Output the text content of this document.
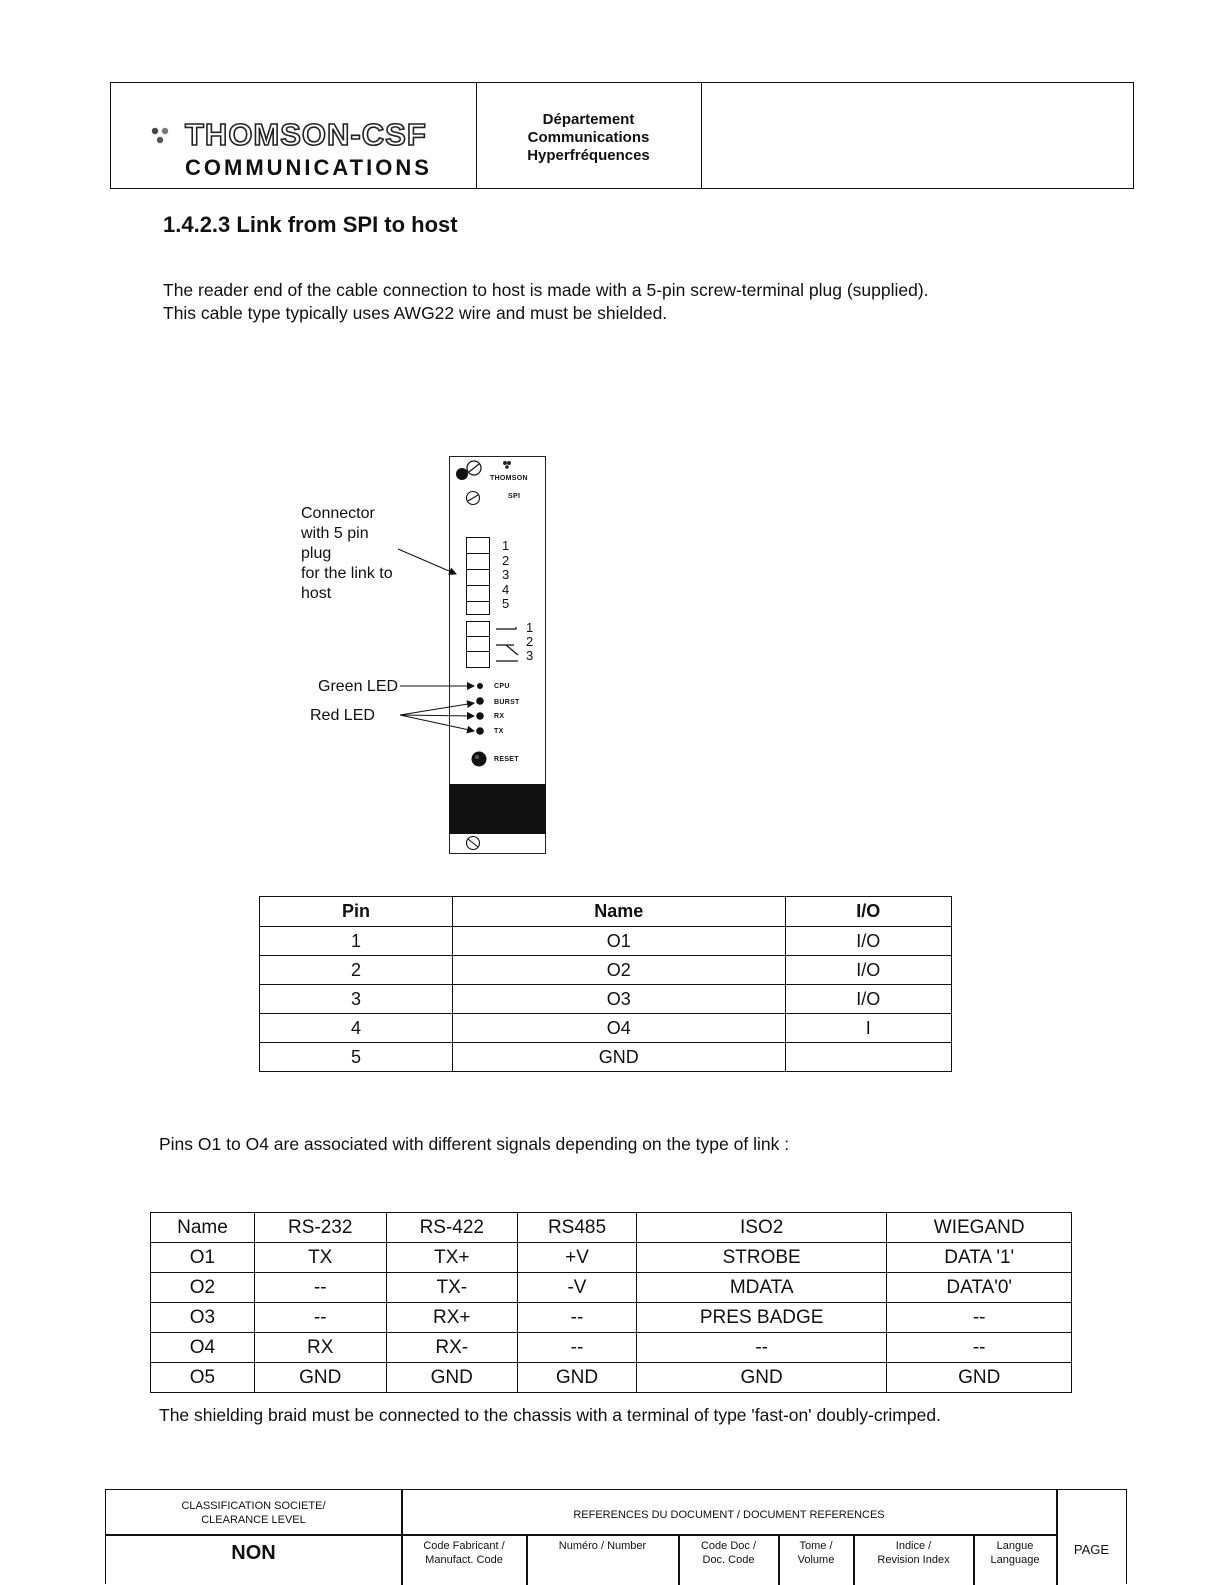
THOMSON-CSF
COMMUNICATIONS
Département
Communications
Hyperfréquences
1.4.2.3 Link from SPI to host

The reader end of the cable connection to host is made with a 5-pin screw-terminal plug (supplied).

This cable type typically uses AWG22 wire and must be shielded.

Connector
with 5 pin
plug
for the link to
host
Green LED
Red LED
THOMSON
SPI
1
2
3
4
5
1
2
3
CPU
BURST
RX
TX
RESET
Pin	Name	I/O
1	O1	I/O
2	O2	I/O
3	O3	I/O
4	O4	I
5	GND	

Pins O1 to O4 are associated with different signals depending on the type of link :

Name	RS-232	RS-422	RS485	ISO2	WIEGAND
O1	TX	TX+	+V	STROBE	DATA '1'
O2	--	TX-	-V	MDATA	DATA'0'
O3	--	RX+	--	PRES BADGE	--
O4	RX	RX-	--	--	--
O5	GND	GND	GND	GND	GND

The shielding braid must be connected to the chassis with a terminal of type 'fast-on' doubly-crimped.

CLASSIFICATION SOCIETE/
CLEARANCE LEVEL
NON
REFERENCES DU DOCUMENT / DOCUMENT REFERENCES
PAGE
Code Fabricant /
Manufact. Code
Numéro / Number	Code Doc /
Doc. Code
Tome /
Volume
Indice /
Revision Index
Langue
Language
